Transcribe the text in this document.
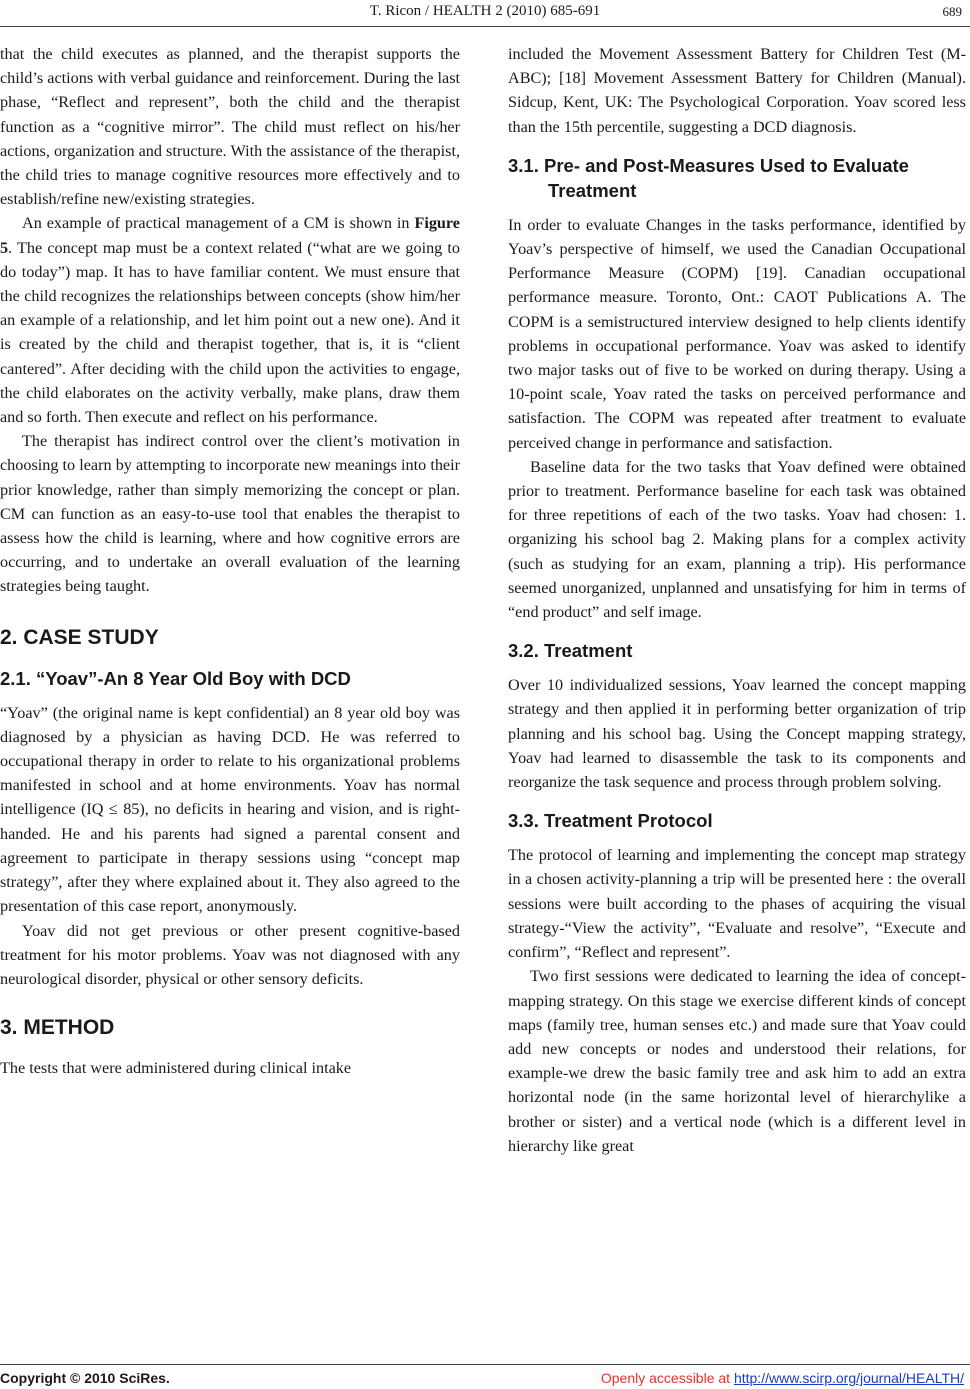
T. Ricon / HEALTH 2 (2010) 685-691	689

that the child executes as planned, and the therapist supports the child’s actions with verbal guidance and reinforcement. During the last phase, “Reflect and represent”, both the child and the therapist function as a “cognitive mirror”. The child must reflect on his/her actions, organization and structure. With the assistance of the therapist, the child tries to manage cognitive resources more effectively and to establish/refine new/existing strategies.

An example of practical management of a CM is shown in Figure 5. The concept map must be a context related (“what are we going to do today”) map. It has to have familiar content. We must ensure that the child recognizes the relationships between concepts (show him/her an example of a relationship, and let him point out a new one). And it is created by the child and therapist together, that is, it is “client cantered”. After deciding with the child upon the activities to engage, the child elaborates on the activity verbally, make plans, draw them and so forth. Then execute and reflect on his performance.

The therapist has indirect control over the client’s motivation in choosing to learn by attempting to incorporate new meanings into their prior knowledge, rather than simply memorizing the concept or plan. CM can function as an easy-to-use tool that enables the therapist to assess how the child is learning, where and how cognitive errors are occurring, and to undertake an overall evaluation of the learning strategies being taught.

2. CASE STUDY
2.1. “Yoav”-An 8 Year Old Boy with DCD

“Yoav” (the original name is kept confidential) an 8 year old boy was diagnosed by a physician as having DCD. He was referred to occupational therapy in order to relate to his organizational problems manifested in school and at home environments. Yoav has normal intelligence (IQ ≤ 85), no deficits in hearing and vision, and is right-handed. He and his parents had signed a parental consent and agreement to participate in therapy sessions using “concept map strategy”, after they where explained about it. They also agreed to the presentation of this case report, anonymously.

Yoav did not get previous or other present cognitive-based treatment for his motor problems. Yoav was not diagnosed with any neurological disorder, physical or other sensory deficits.

3. METHOD

The tests that were administered during clinical intake

included the Movement Assessment Battery for Children Test (M-ABC); [18] Movement Assessment Battery for Children (Manual). Sidcup, Kent, UK: The Psychological Corporation. Yoav scored less than the 15th percentile, suggesting a DCD diagnosis.

3.1. Pre- and Post-Measures Used to Evaluate Treatment

In order to evaluate Changes in the tasks performance, identified by Yoav’s perspective of himself, we used the Canadian Occupational Performance Measure (COPM) [19]. Canadian occupational performance measure. Toronto, Ont.: CAOT Publications A. The COPM is a semistructured interview designed to help clients identify problems in occupational performance. Yoav was asked to identify two major tasks out of five to be worked on during therapy. Using a 10-point scale, Yoav rated the tasks on perceived performance and satisfaction. The COPM was repeated after treatment to evaluate perceived change in performance and satisfaction.

Baseline data for the two tasks that Yoav defined were obtained prior to treatment. Performance baseline for each task was obtained for three repetitions of each of the two tasks. Yoav had chosen: 1. organizing his school bag 2. Making plans for a complex activity (such as studying for an exam, planning a trip). His performance seemed unorganized, unplanned and unsatisfying for him in terms of “end product” and self image.

3.2. Treatment

Over 10 individualized sessions, Yoav learned the concept mapping strategy and then applied it in performing better organization of trip planning and his school bag. Using the Concept mapping strategy, Yoav had learned to disassemble the task to its components and reorganize the task sequence and process through problem solving.

3.3. Treatment Protocol

The protocol of learning and implementing the concept map strategy in a chosen activity-planning a trip will be presented here : the overall sessions were built according to the phases of acquiring the visual strategy-“View the activity”, “Evaluate and resolve”, “Execute and confirm”, “Reflect and represent”.

Two first sessions were dedicated to learning the idea of concept-mapping strategy. On this stage we exercise different kinds of concept maps (family tree, human senses etc.) and made sure that Yoav could add new concepts or nodes and understood their relations, for example-we drew the basic family tree and ask him to add an extra horizontal node (in the same horizontal level of hierarchylike a brother or sister) and a vertical node (which is a different level in hierarchy like great

Copyright © 2010 SciRes.	Openly accessible at http://www.scirp.org/journal/HEALTH/
